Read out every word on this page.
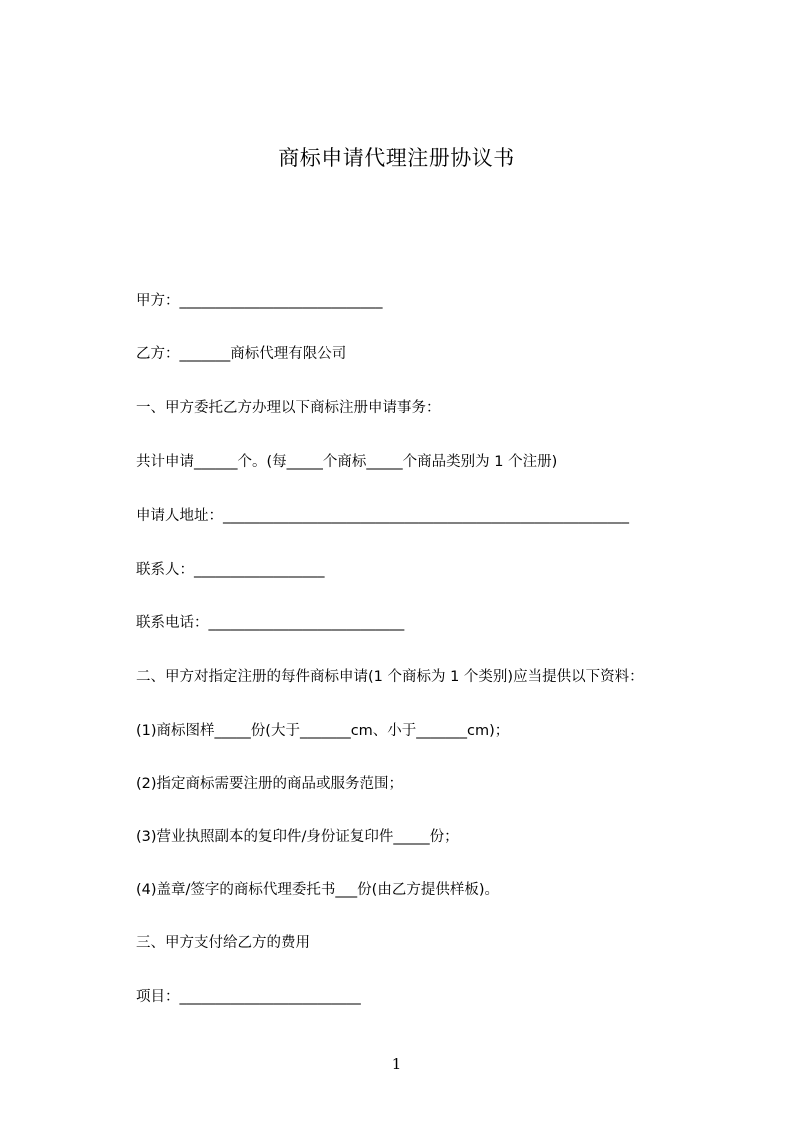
商标申请代理注册协议书
甲方：____________________________
乙方：_______商标代理有限公司
一、甲方委托乙方办理以下商标注册申请事务：
共计申请______个。(每_____个商标_____个商品类别为 1 个注册)
申请人地址：________________________________________________________
联系人：__________________
联系电话：___________________________
二、甲方对指定注册的每件商标申请(1 个商标为 1 个类别)应当提供以下资料：
(1)商标图样_____份(大于_______cm、小于_______cm)；
(2)指定商标需要注册的商品或服务范围；
(3)营业执照副本的复印件/身份证复印件_____份；
(4)盖章/签字的商标代理委托书___份(由乙方提供样板)。
三、甲方支付给乙方的费用
项目：_________________________
1
